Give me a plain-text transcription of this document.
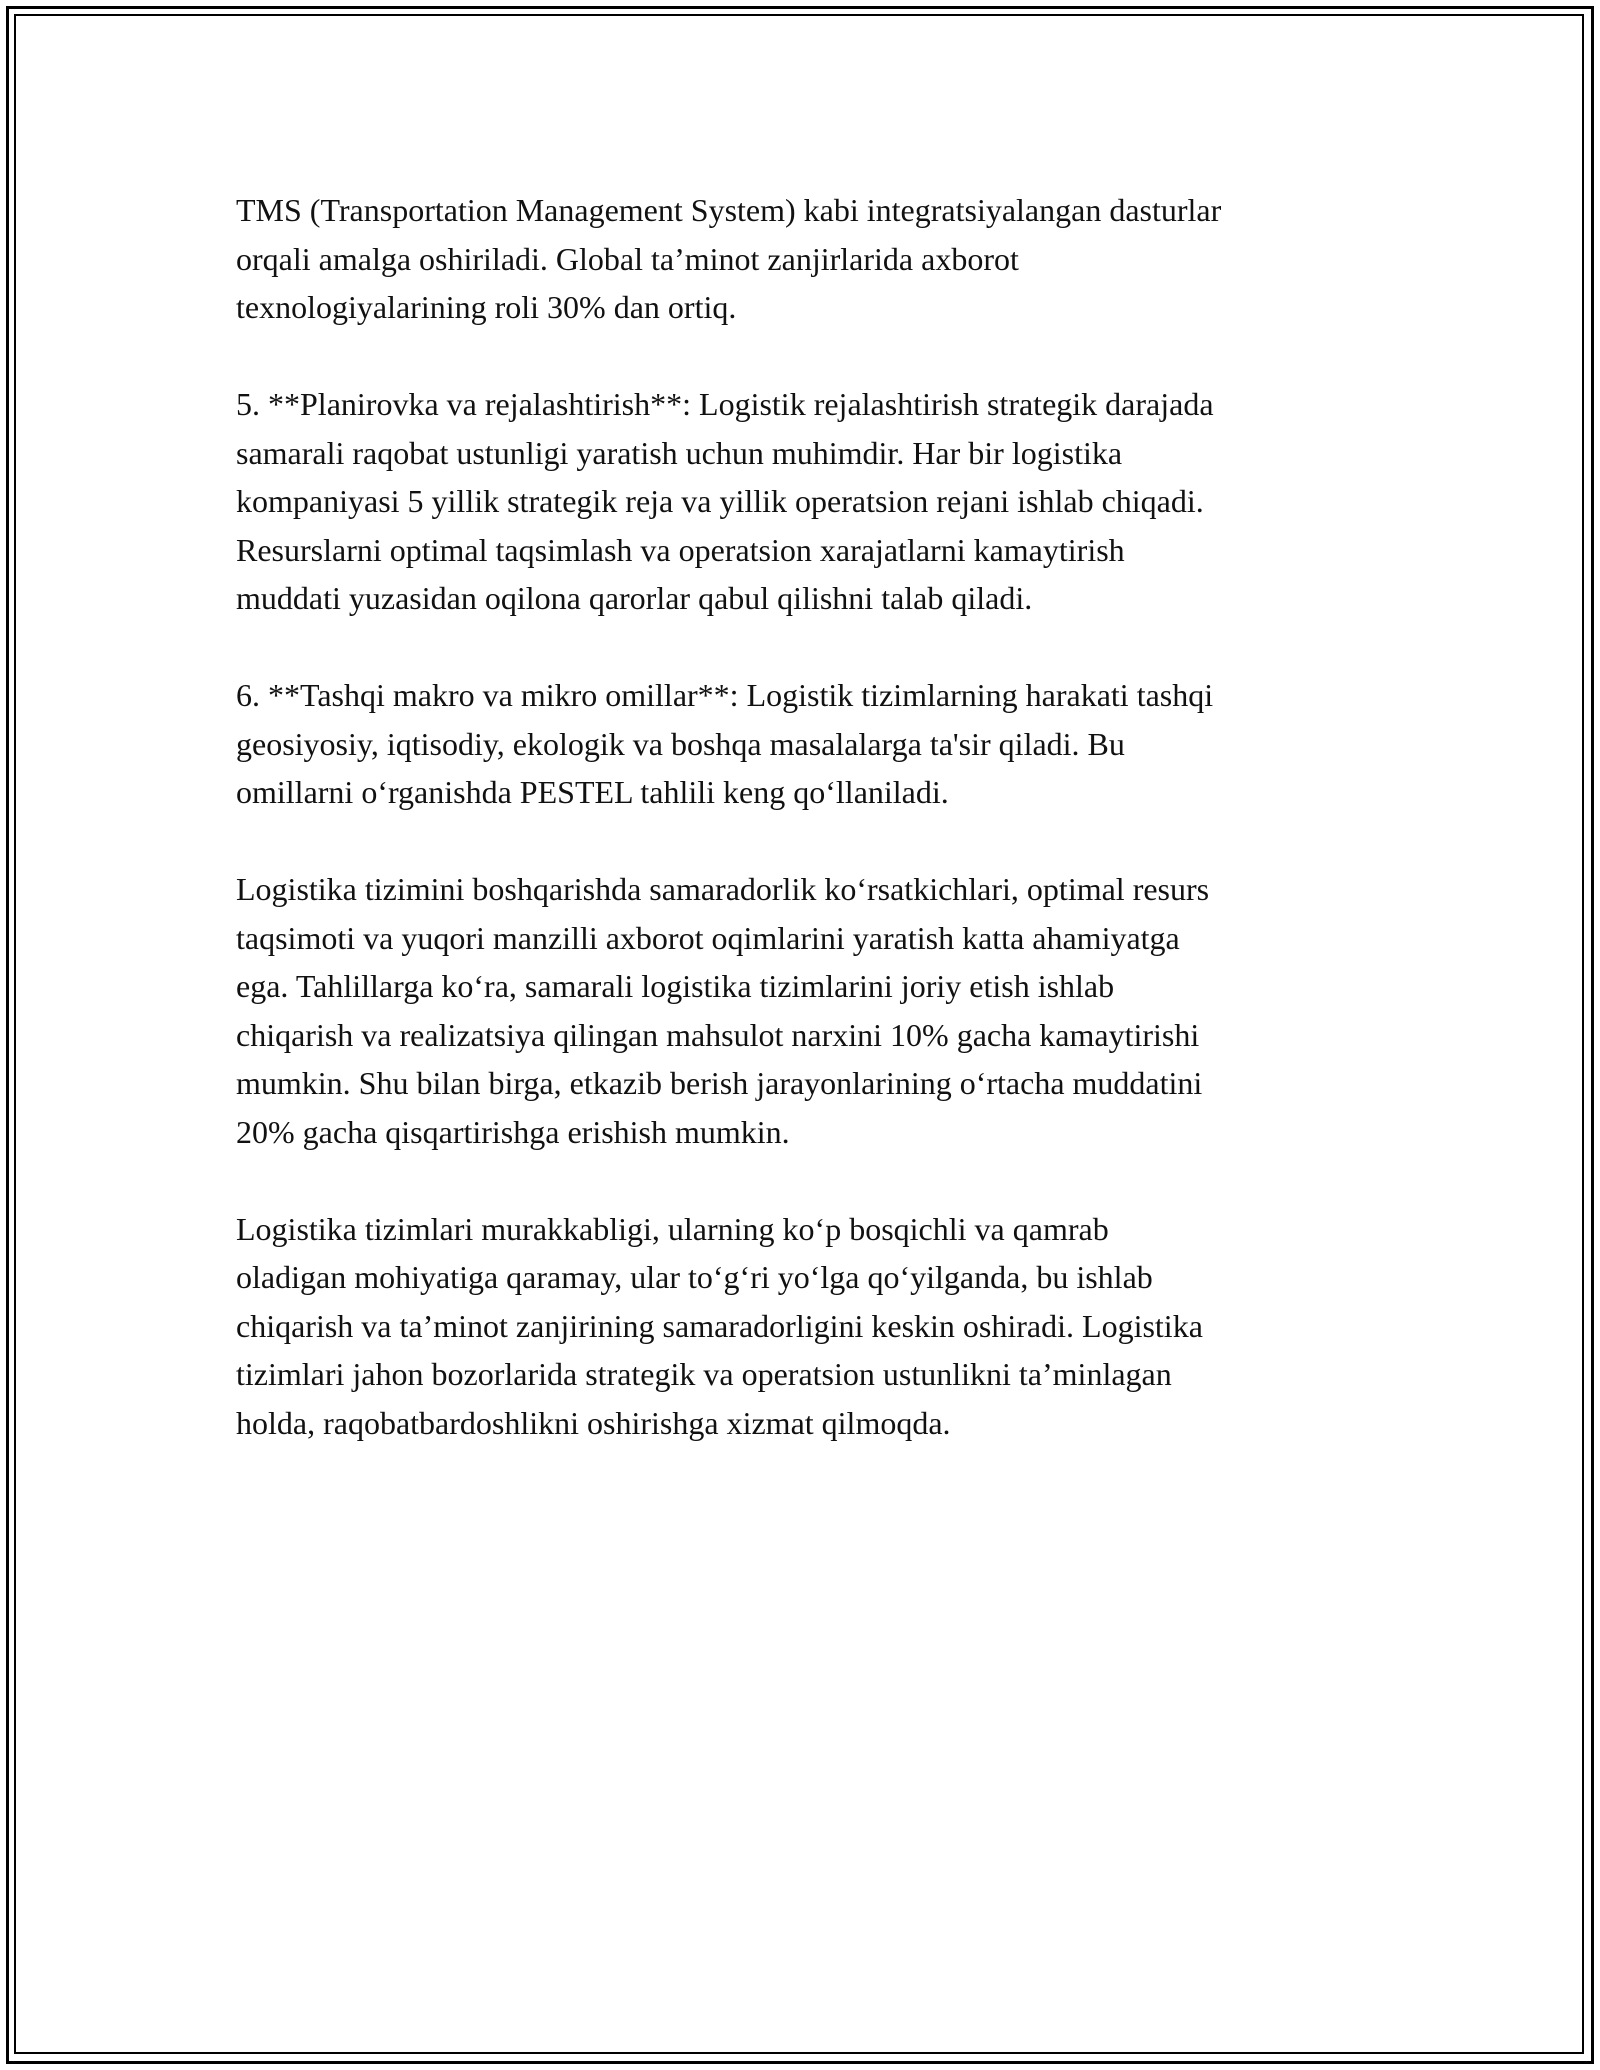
TMS (Transportation Management System) kabi integratsiyalangan dasturlar
orqali amalga oshiriladi. Global ta’minot zanjirlarida axborot
texnologiyalarining roli 30% dan ortiq.

5. **Planirovka va rejalashtirish**: Logistik rejalashtirish strategik darajada
samarali raqobat ustunligi yaratish uchun muhimdir. Har bir logistika
kompaniyasi 5 yillik strategik reja va yillik operatsion rejani ishlab chiqadi.
Resurslarni optimal taqsimlash va operatsion xarajatlarni kamaytirish
muddati yuzasidan oqilona qarorlar qabul qilishni talab qiladi.

6. **Tashqi makro va mikro omillar**: Logistik tizimlarning harakati tashqi
geosiyosiy, iqtisodiy, ekologik va boshqa masalalarga ta'sir qiladi. Bu
omillarni oʻrganishda PESTEL tahlili keng qoʻllaniladi.

Logistika tizimini boshqarishda samaradorlik koʻrsatkichlari, optimal resurs
taqsimoti va yuqori manzilli axborot oqimlarini yaratish katta ahamiyatga
ega. Tahlillarga koʻra, samarali logistika tizimlarini joriy etish ishlab
chiqarish va realizatsiya qilingan mahsulot narxini 10% gacha kamaytirishi
mumkin. Shu bilan birga, etkazib berish jarayonlarining oʻrtacha muddatini
20% gacha qisqartirishga erishish mumkin.

Logistika tizimlari murakkabligi, ularning koʻp bosqichli va qamrab
oladigan mohiyatiga qaramay, ular toʻgʻri yoʻlga qoʻyilganda, bu ishlab
chiqarish va ta’minot zanjirining samaradorligini keskin oshiradi. Logistika
tizimlari jahon bozorlarida strategik va operatsion ustunlikni ta’minlagan
holda, raqobatbardoshlikni oshirishga xizmat qilmoqda.
